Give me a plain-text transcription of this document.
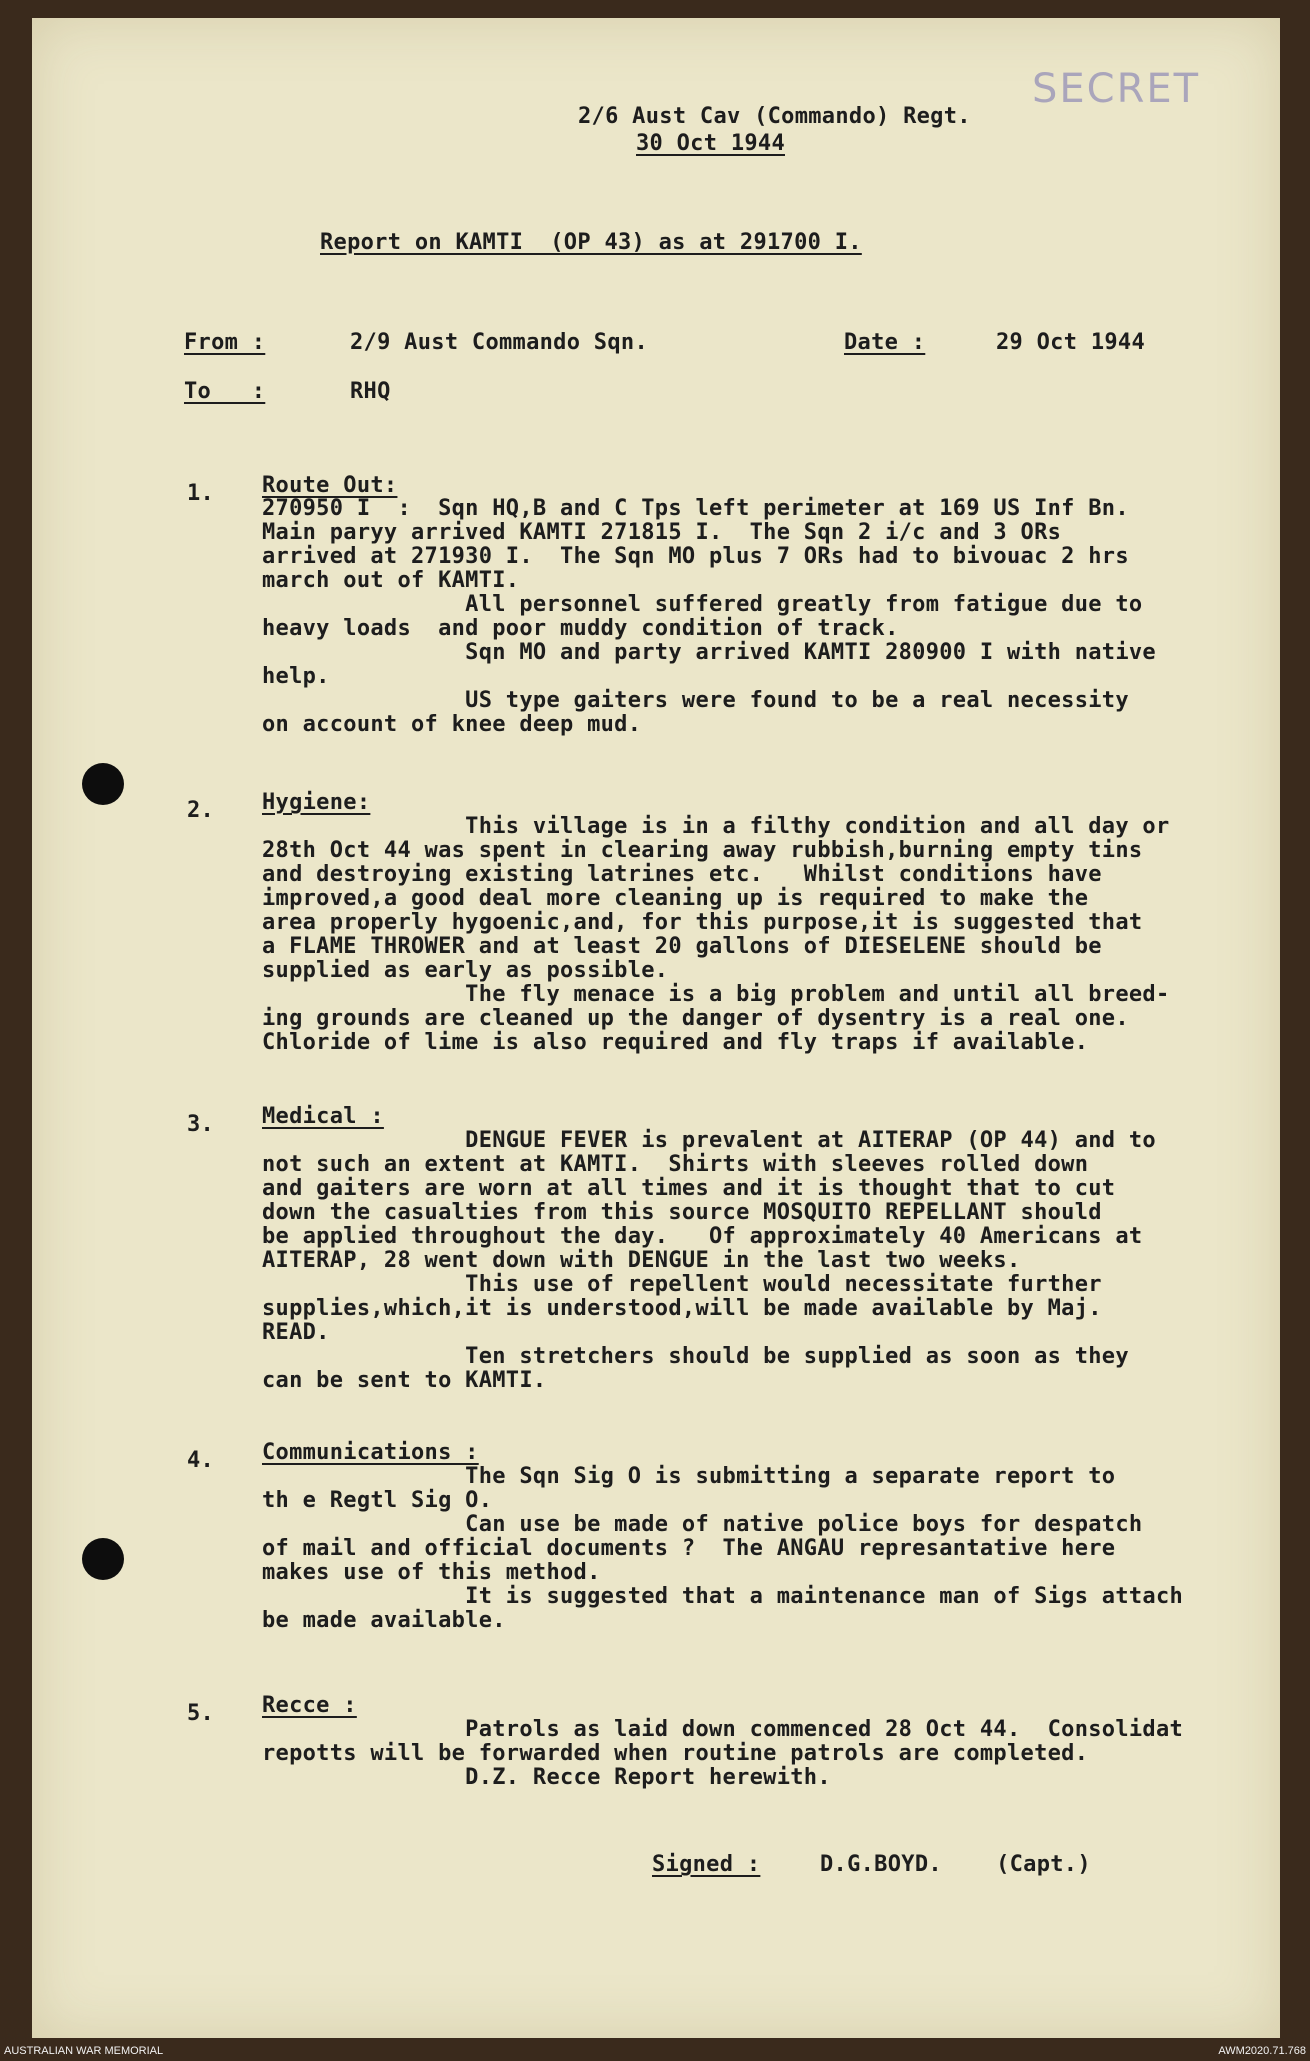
SECRET
2/6 Aust Cav (Commando) Regt.
30 Oct 1944
Report on KAMTI  (OP 43) as at 291700 I.
From :	2/9 Aust Commando Sqn.	Date :	29 Oct 1944
To   :	RHQ
1. Route Out:
270950 I  :  Sqn HQ,B and C Tps left perimeter at 169 US Inf Bn.
Main paryy arrived KAMTI 271815 I.  The Sqn 2 i/c and 3 ORs
arrived at 271930 I.  The Sqn MO plus 7 ORs had to bivouac 2 hrs
march out of KAMTI.
All personnel suffered greatly from fatigue due to
heavy loads  and poor muddy condition of track.
Sqn MO and party arrived KAMTI 280900 I with native
help.
US type gaiters were found to be a real necessity
on account of knee deep mud.
2. Hygiene:
This village is in a filthy condition and all day or
28th Oct 44 was spent in clearing away rubbish,burning empty tins
and destroying existing latrines etc.   Whilst conditions have
improved,a good deal more cleaning up is required to make the
area properly hygoenic,and, for this purpose,it is suggested that
a FLAME THROWER and at least 20 gallons of DIESELENE should be
supplied as early as possible.
The fly menace is a big problem and until all breed-
ing grounds are cleaned up the danger of dysentry is a real one.
Chloride of lime is also required and fly traps if available.
3. Medical :
DENGUE FEVER is prevalent at AITERAP (OP 44) and to
not such an extent at KAMTI.  Shirts with sleeves rolled down
and gaiters are worn at all times and it is thought that to cut
down the casualties from this source MOSQUITO REPELLANT should
be applied throughout the day.   Of approximately 40 Americans at
AITERAP, 28 went down with DENGUE in the last two weeks.
This use of repellent would necessitate further
supplies,which,it is understood,will be made available by Maj.
READ.
Ten stretchers should be supplied as soon as they
can be sent to KAMTI.
4. Communications :
The Sqn Sig O is submitting a separate report to
th e Regtl Sig O.
Can use be made of native police boys for despatch
of mail and official documents ?  The ANGAU represantative here
makes use of this method.
It is suggested that a maintenance man of Sigs attach
be made available.
5. Recce :
Patrols as laid down commenced 28 Oct 44.  Consolidat
repotts will be forwarded when routine patrols are completed.
D.Z. Recce Report herewith.
Signed :	D.G.BOYD.    (Capt.)
AUSTRALIAN WAR MEMORIAL	AWM2020.71.768
